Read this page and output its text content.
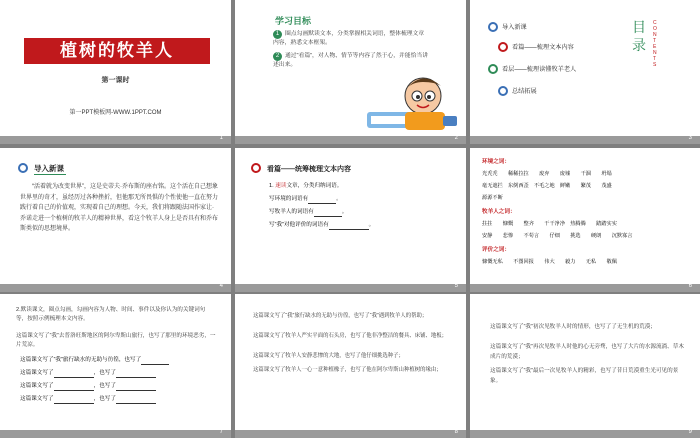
植树的牧羊人
第一课时
第一PPT模板网-WWW.1PPT.COM
1
学习目标
1 圈点勾画默读文本，分类掌握相关词语，整体梳理文章内容，熟悉文本框架。
2 通过“看篇”，对人物、情节等内容了然于心，并能恰当讲述出来。
2
导入新课
看篇——梳理文本内容
看层——梳理读懂牧羊老人
总结拓展
目录
CONTENTS
3
导入新课
“活着就为改变世界”，这是史蒂夫·乔布斯的座右铭。这个活在自己想象世界里的奇才，虽经历过各种挫折，但他那无所畏惧的个性使他一直在努力践行着自己的价值观，实现着自己的理想。今天，我们将跟随法国作家让·乔诺走进一个植树的牧羊人的精神世界，看这个牧羊人身上是否具有和乔布斯类似的思想境界。
4
看篇——统筹梳理文本内容
1. 速读文章，分类归纳词语。
写环境的词语有	。
写牧羊人的词语有	。
写“我”对他评价的词语有	。
5
环境之词：
光秃秃　　稀稀拉拉　　废弃　　废墟　　干涸　　坍塌
毫无遮拦　东倒西歪　不毛之地　鲜嫩　　繁茂　　茂盛
源源不断
牧羊人之词：
拄拄　　慷慨　　整齐　　干干净净　热腾腾　　踏踏实实
安静　　悲惨　　不苟言　　仔细　　挑选　　硬朗　　沉默寡言
评价之词：
慷慨无私　　不图回报　　伟大　　毅力　　无私　　敬佩
6
2.默读课文，圈点勾画，勾画内容为人物、时间、事件以及你认为的关键词句等，按照示例梳理本文内容。
这篇课文写了“我”去普洛旺斯地区的阿尔卑斯山旅行，也写了那里的环境恶劣，一片荒凉。
这篇课文写了“我”旅行缺水的无助与彷徨，也写了
这篇课文写了	，也写了
这篇课文写了	，也写了
这篇课文写了	，也写了
7
这篇课文写了“我”旅行缺水的无助与彷徨，也写了“我”遇到牧羊人的帮助；
这篇课文写了牧羊人严实平面的石头房，也写了他非净整洁的餐具、床铺、地板；
这篇课文写了牧羊人安静悲惨的大地，也写了他仔细挑选种子；
这篇课文写了牧羊人一心一意种植橡子，也写了他在阿尔卑斯山种植树的缘由；
8
这篇课文写了“我”初次见牧羊人时的情形，也写了了无生机的荒漠；
这篇课文写了“我”再次见牧羊人时他的心无旁骛，也写了大片的水源流淌、草木成片的荒漠；
这篇课文写了“我”最后一次见牧羊人的精彩，也写了昔日荒漠重生光可见的景象。
9
